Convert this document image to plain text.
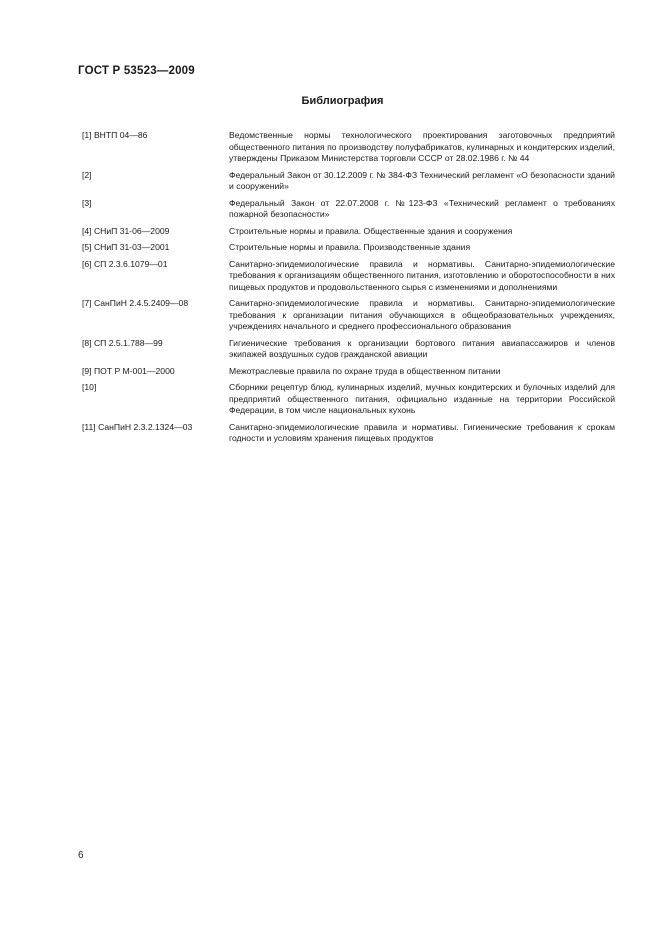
ГОСТ Р 53523—2009
Библиография
[1] ВНТП 04—86	Ведомственные нормы технологического проектирования заготовочных предприятий общественного питания по производству полуфабрикатов, кулинарных и кондитерских изделий, утверждены Приказом Министерства торговли СССР от 28.02.1986 г. № 44
[2]	Федеральный Закон от 30.12.2009 г. № 384-ФЗ Технический регламент «О безопасности зданий и сооружений»
[3]	Федеральный Закон от 22.07.2008 г. №123-ФЗ «Технический регламент о требованиях пожарной безопасности»
[4] СНиП 31-06—2009	Строительные нормы и правила. Общественные здания и сооружения
[5] СНиП 31-03—2001	Строительные нормы и правила. Производственные здания
[6] СП 2.3.6.1079—01	Санитарно-эпидемиологические правила и нормативы. Санитарно-эпидемиологические требования к организациям общественного питания, изготовлению и оборотоспособности в них пищевых продуктов и продовольственного сырья с изменениями и дополнениями
[7] СанПиН 2.4.5.2409—08	Санитарно-эпидемиологические правила и нормативы. Санитарно-эпидемиологические требования к организации питания обучающихся в общеобразовательных учреждениях, учреждениях начального и среднего профессионального образования
[8] СП 2.5.1.788—99	Гигиенические требования к организации бортового питания авиапассажиров и членов экипажей воздушных судов гражданской авиации
[9] ПОТ Р М-001—2000	Межотраслевые правила по охране труда в общественном питании
[10]	Сборники рецептур блюд, кулинарных изделий, мучных кондитерских и булочных изделий для предприятий общественного питания, официально изданные на территории Российской Федерации, в том числе национальных кухонь
[11] СанПиН 2.3.2.1324—03	Санитарно-эпидемиологические правила и нормативы. Гигиенические требования к срокам годности и условиям хранения пищевых продуктов
6
